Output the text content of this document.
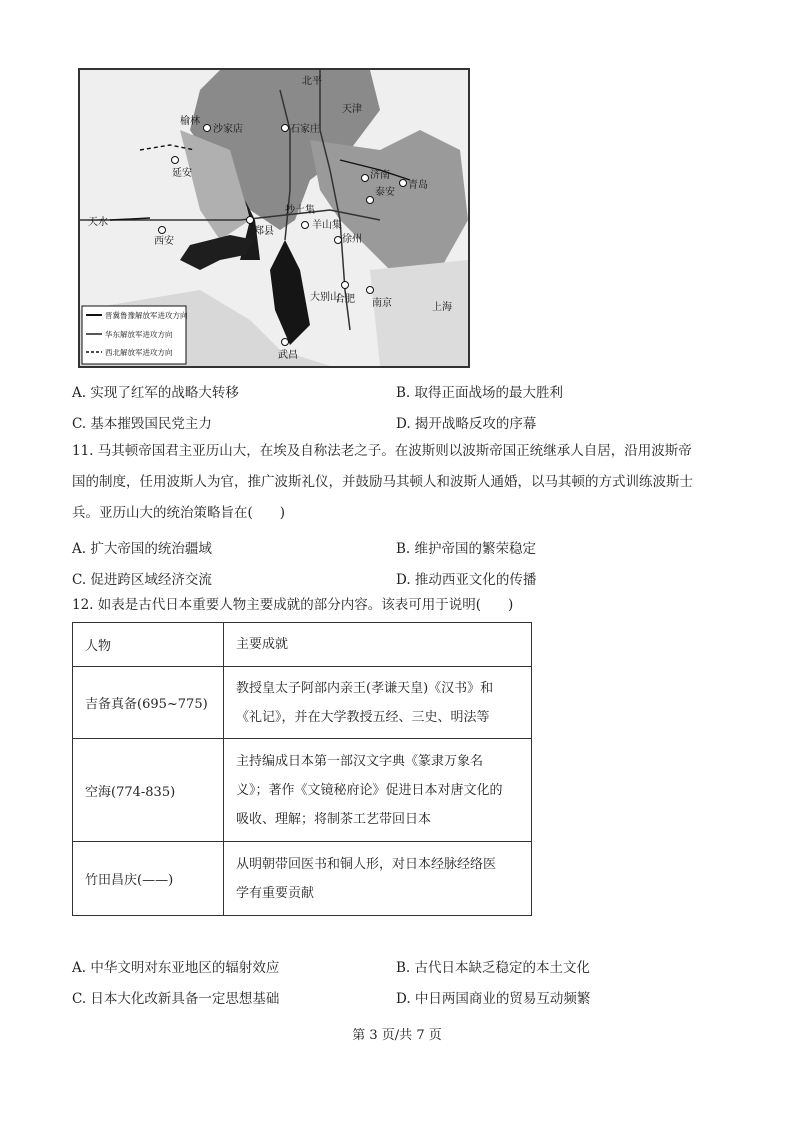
北平
天津
榆林
沙家店	石家庄
延安	济南
青岛
泰安
天水
抄土集
羊山集
西安
郑县
徐州
大别山
合肥 南京	上海
武昌
晋冀鲁豫解放军进攻方向
华东解放军进攻方向
西北解放军进攻方向
A. 实现了红军的战略大转移	B. 取得正面战场的最大胜利
C. 基本摧毁国民党主力	D. 揭开战略反攻的序幕
11. 马其顿帝国君主亚历山大，在埃及自称法老之子。在波斯则以波斯帝国正统继承人自居，沿用波斯帝
国的制度，任用波斯人为官，推广波斯礼仪，并鼓励马其顿人和波斯人通婚，以马其顿的方式训练波斯士
兵。亚历山大的统治策略旨在(　　)
A. 扩大帝国的统治疆域	B. 维护帝国的繁荣稳定
C. 促进跨区域经济交流	D. 推动西亚文化的传播
12. 如表是古代日本重要人物主要成就的部分内容。该表可用于说明(　　)
人物	主要成就
吉备真备(695~775)	教授皇太子阿部内亲王(孝谦天皇)《汉书》和
《礼记》，并在大学教授五经、三史、明法等

空海(774-835)	主持编成日本第一部汉文字典《篆隶万象名
义》；著作《文镜秘府论》促进日本对唐文化的
吸收、理解；将制茶工艺带回日本

竹田昌庆(——)	从明朝带回医书和铜人形，对日本经脉经络医
学有重要贡献
A. 中华文明对东亚地区的辐射效应	B. 古代日本缺乏稳定的本土文化
C. 日本大化改新具备一定思想基础	D. 中日两国商业的贸易互动频繁
第 3 页/共 7 页
